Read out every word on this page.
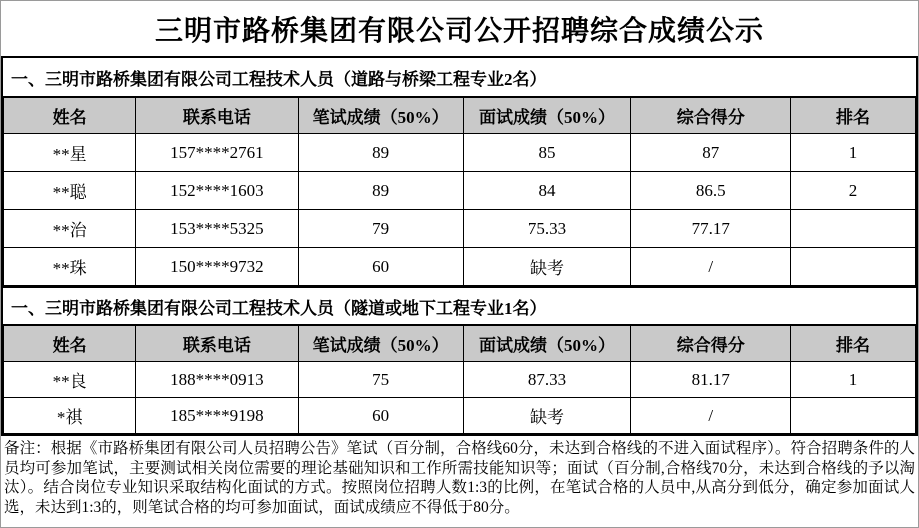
三明市路桥集团有限公司公开招聘综合成绩公示
一、三明市路桥集团有限公司工程技术人员（道路与桥梁工程专业2名）
姓名	联系电话	笔试成绩（50%）	面试成绩（50%）	综合得分	排名
**星	157****2761	89	85	87	1
**聪	152****1603	89	84	86.5	2
**治	153****5325	79	75.33	77.17	
**珠	150****9732	60	缺考	/	
一、三明市路桥集团有限公司工程技术人员（隧道或地下工程专业1名）
姓名	联系电话	笔试成绩（50%）	面试成绩（50%）	综合得分	排名
**良	188****0913	75	87.33	81.17	1
*祺	185****9198	60	缺考	/	
备注：根据《市路桥集团有限公司人员招聘公告》笔试（百分制，合格线60分，未达到合格线的不进入面试程序）。符合招聘条件的人员均可参加笔试，主要测试相关岗位需要的理论基础知识和工作所需技能知识等；面试（百分制,合格线70分，未达到合格线的予以淘汰）。结合岗位专业知识采取结构化面试的方式。按照岗位招聘人数1:3的比例，在笔试合格的人员中,从高分到低分，确定参加面试人选，未达到1:3的，则笔试合格的均可参加面试，面试成绩应不得低于80分。
